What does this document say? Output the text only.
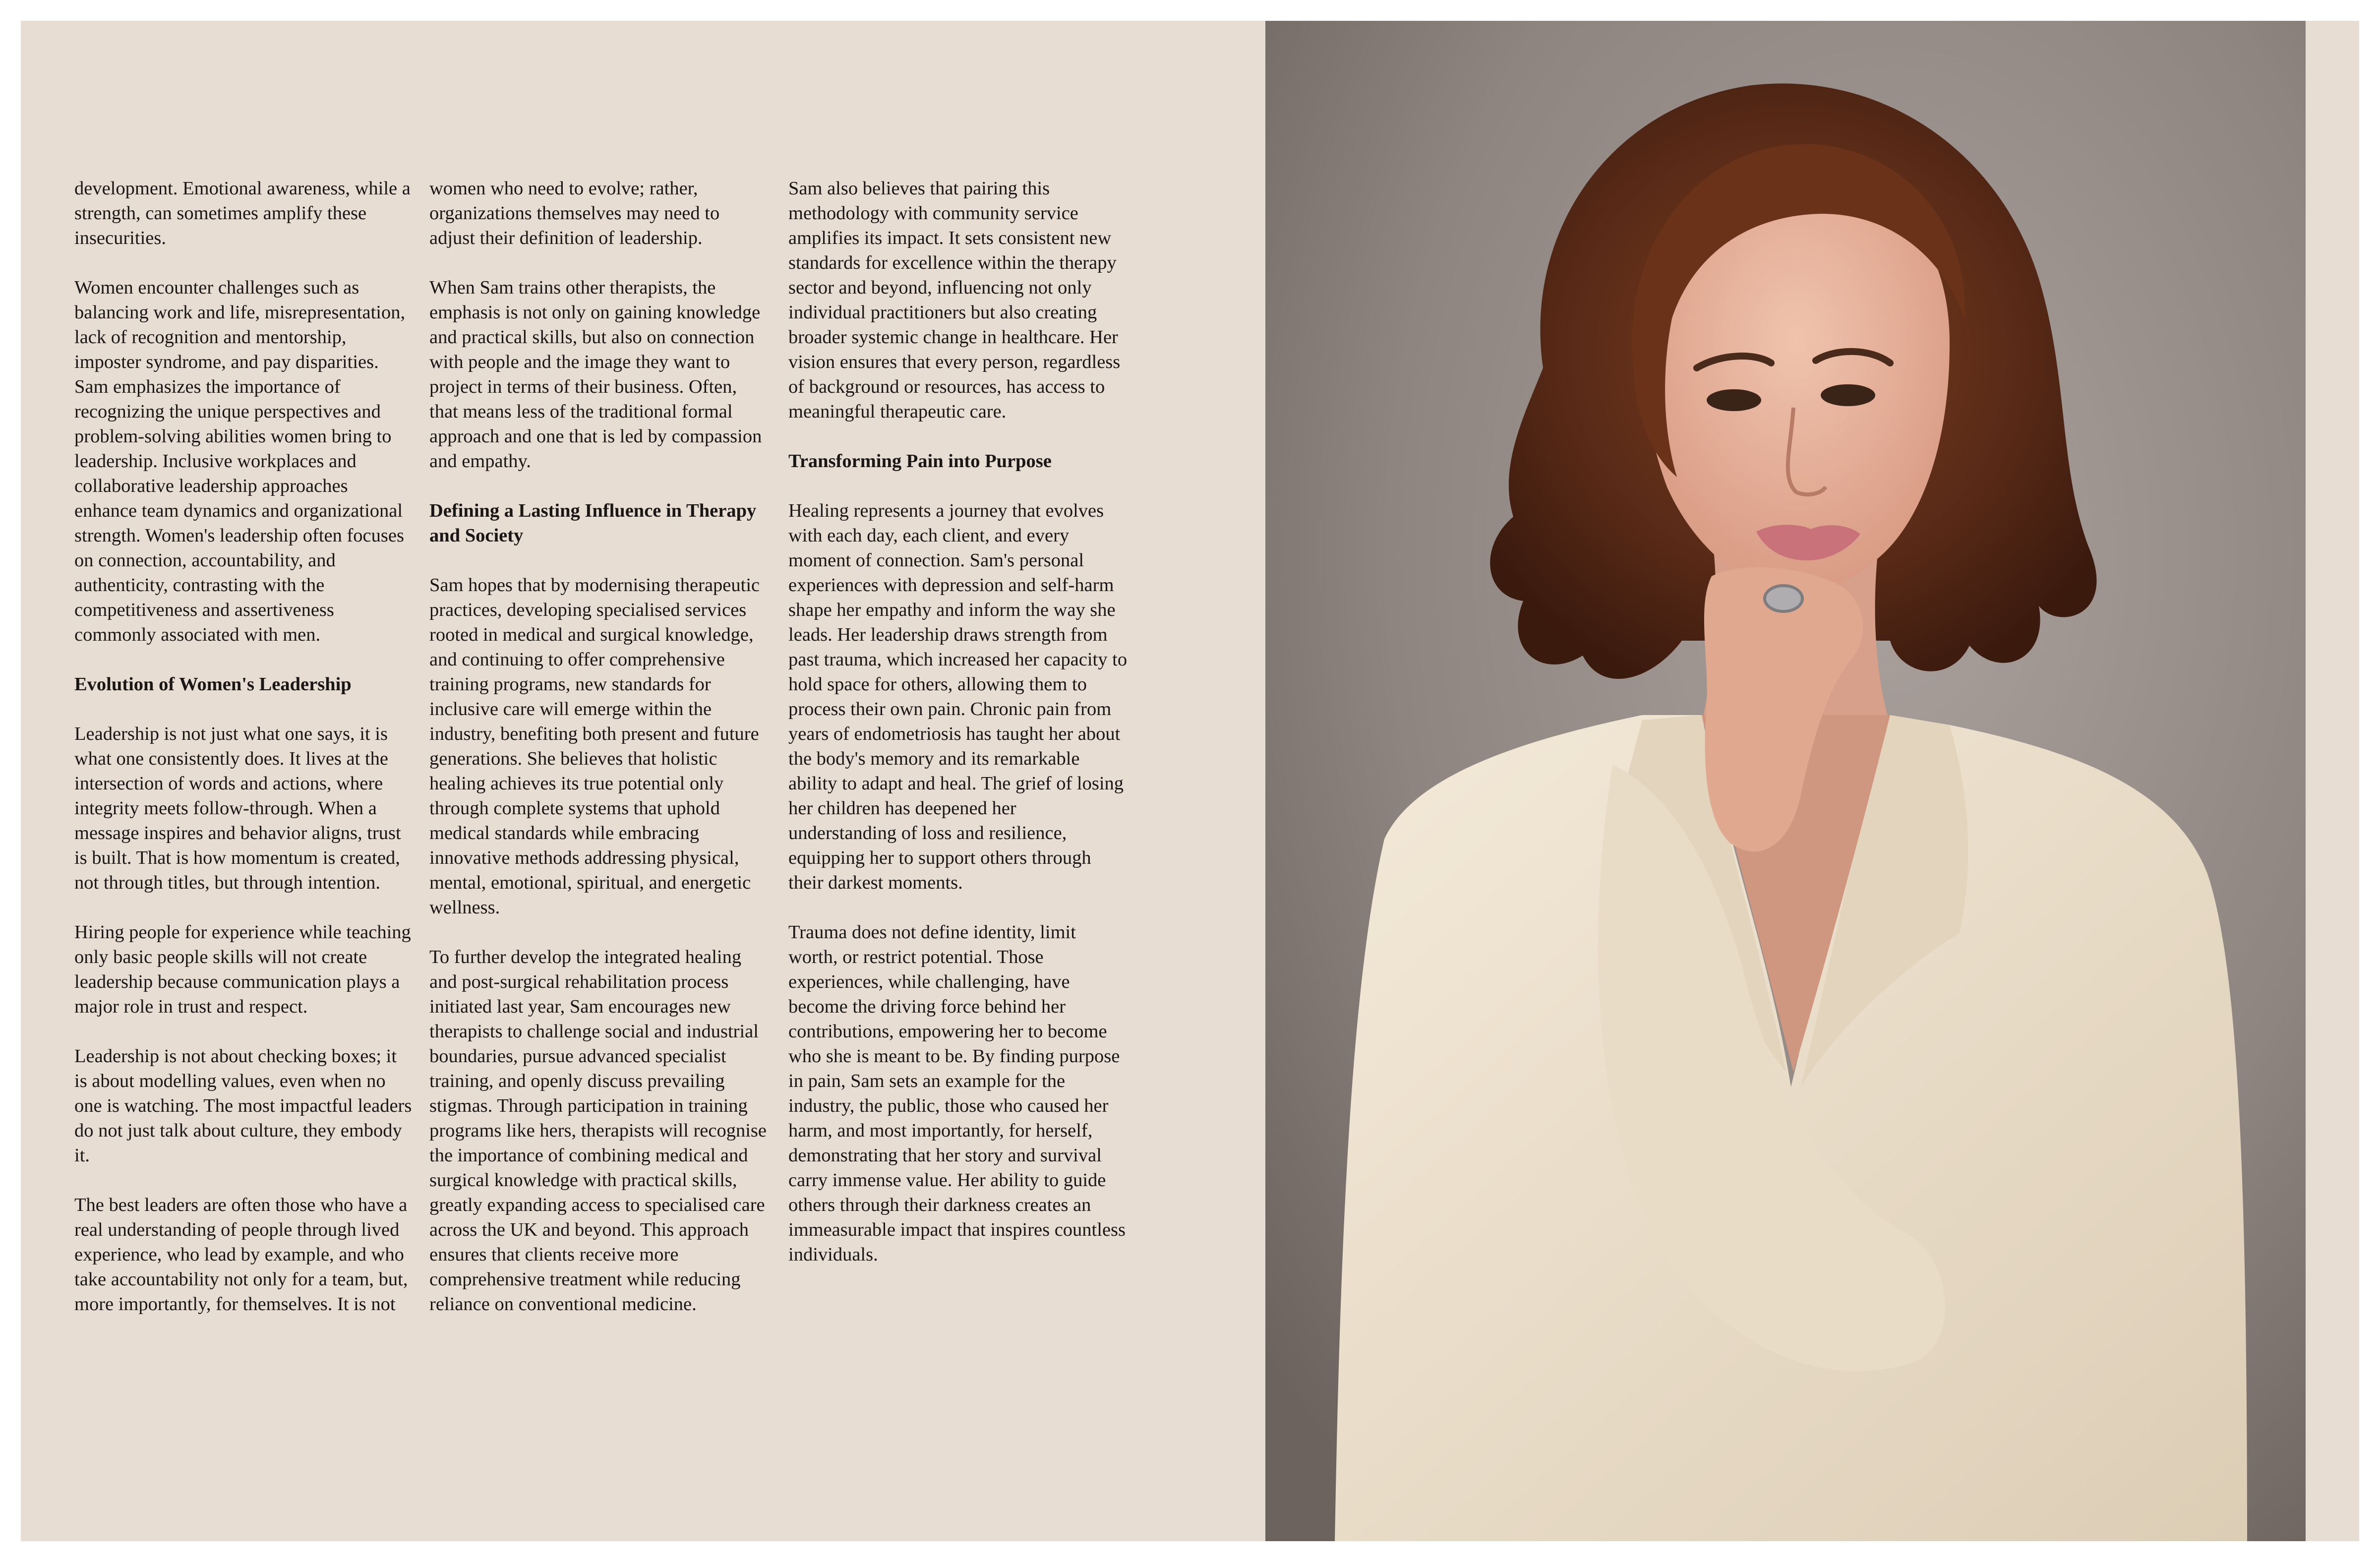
development. Emotional awareness, while a strength, can sometimes amplify these insecurities.

Women encounter challenges such as balancing work and life, misrepresentation, lack of recognition and mentorship, imposter syndrome, and pay disparities. Sam emphasizes the importance of recognizing the unique perspectives and problem-solving abilities women bring to leadership. Inclusive workplaces and collaborative leadership approaches enhance team dynamics and organizational strength. Women's leadership often focuses on connection, accountability, and authenticity, contrasting with the competitiveness and assertiveness commonly associated with men.

Evolution of Women's Leadership

Leadership is not just what one says, it is what one consistently does. It lives at the intersection of words and actions, where integrity meets follow-through. When a message inspires and behavior aligns, trust is built. That is how momentum is created, not through titles, but through intention.

Hiring people for experience while teaching only basic people skills will not create leadership because communication plays a major role in trust and respect.

Leadership is not about checking boxes; it is about modelling values, even when no one is watching. The most impactful leaders do not just talk about culture, they embody it.

The best leaders are often those who have a real understanding of people through lived experience, who lead by example, and who take accountability not only for a team, but, more importantly, for themselves. It is not

women who need to evolve; rather, organizations themselves may need to adjust their definition of leadership.

When Sam trains other therapists, the emphasis is not only on gaining knowledge and practical skills, but also on connection with people and the image they want to project in terms of their business. Often, that means less of the traditional formal approach and one that is led by compassion and empathy.

Defining a Lasting Influence in Therapy and Society

Sam hopes that by modernising therapeutic practices, developing specialised services rooted in medical and surgical knowledge, and continuing to offer comprehensive training programs, new standards for inclusive care will emerge within the industry, benefiting both present and future generations. She believes that holistic healing achieves its true potential only through complete systems that uphold medical standards while embracing innovative methods addressing physical, mental, emotional, spiritual, and energetic wellness.

To further develop the integrated healing and post-surgical rehabilitation process initiated last year, Sam encourages new therapists to challenge social and industrial boundaries, pursue advanced specialist training, and openly discuss prevailing stigmas. Through participation in training programs like hers, therapists will recognise the importance of combining medical and surgical knowledge with practical skills, greatly expanding access to specialised care across the UK and beyond. This approach ensures that clients receive more comprehensive treatment while reducing reliance on conventional medicine.

Sam also believes that pairing this methodology with community service amplifies its impact. It sets consistent new standards for excellence within the therapy sector and beyond, influencing not only individual practitioners but also creating broader systemic change in healthcare. Her vision ensures that every person, regardless of background or resources, has access to meaningful therapeutic care.

Transforming Pain into Purpose

Healing represents a journey that evolves with each day, each client, and every moment of connection. Sam's personal experiences with depression and self-harm shape her empathy and inform the way she leads. Her leadership draws strength from past trauma, which increased her capacity to hold space for others, allowing them to process their own pain. Chronic pain from years of endometriosis has taught her about the body's memory and its remarkable ability to adapt and heal. The grief of losing her children has deepened her understanding of loss and resilience, equipping her to support others through their darkest moments.

Trauma does not define identity, limit worth, or restrict potential. Those experiences, while challenging, have become the driving force behind her contributions, empowering her to become who she is meant to be. By finding purpose in pain, Sam sets an example for the industry, the public, those who caused her harm, and most importantly, for herself, demonstrating that her story and survival carry immense value. Her ability to guide others through their darkness creates an immeasurable impact that inspires countless individuals.
